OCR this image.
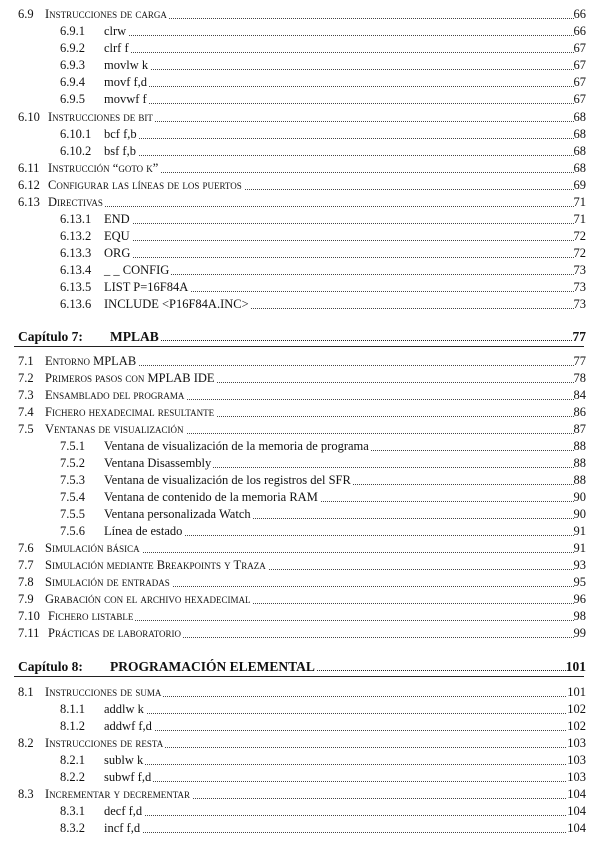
6.9 Instrucciones de carga	66
6.9.1 clrw	66
6.9.2 clrf f	67
6.9.3 movlw k	67
6.9.4 movf f,d	67
6.9.5 movwf f	67
6.10 Instrucciones de bit	68
6.10.1 bcf f,b	68
6.10.2 bsf f,b	68
6.11 Instrucción “goto k”	68
6.12 Configurar las líneas de los puertos	69
6.13 Directivas	71
6.13.1 END	71
6.13.2 EQU	72
6.13.3 ORG	72
6.13.4 _ _ CONFIG	73
6.13.5 LIST P=16F84A	73
6.13.6 INCLUDE <P16F84A.INC>	73
Capítulo 7: MPLAB	77
7.1 Entorno MPLAB	77
7.2 Primeros pasos con MPLAB IDE	78
7.3 Ensamblado del programa	84
7.4 Fichero hexadecimal resultante	86
7.5 Ventanas de visualización	87
7.5.1 Ventana de visualización de la memoria de programa	88
7.5.2 Ventana Disassembly	88
7.5.3 Ventana de visualización de los registros del SFR	88
7.5.4 Ventana de contenido de la memoria RAM	90
7.5.5 Ventana personalizada Watch	90
7.5.6 Línea de estado	91
7.6 Simulación básica	91
7.7 Simulación mediante Breakpoints y Traza	93
7.8 Simulación de entradas	95
7.9 Grabación con el archivo hexadecimal	96
7.10 Fichero listable	98
7.11 Prácticas de laboratorio	99
Capítulo 8: PROGRAMACIÓN ELEMENTAL	101
8.1 Instrucciones de suma	101
8.1.1 addlw k	102
8.1.2 addwf f,d	102
8.2 Instrucciones de resta	103
8.2.1 sublw k	103
8.2.2 subwf f,d	103
8.3 Incrementar y decrementar	104
8.3.1 decf f,d	104
8.3.2 incf f,d	104
